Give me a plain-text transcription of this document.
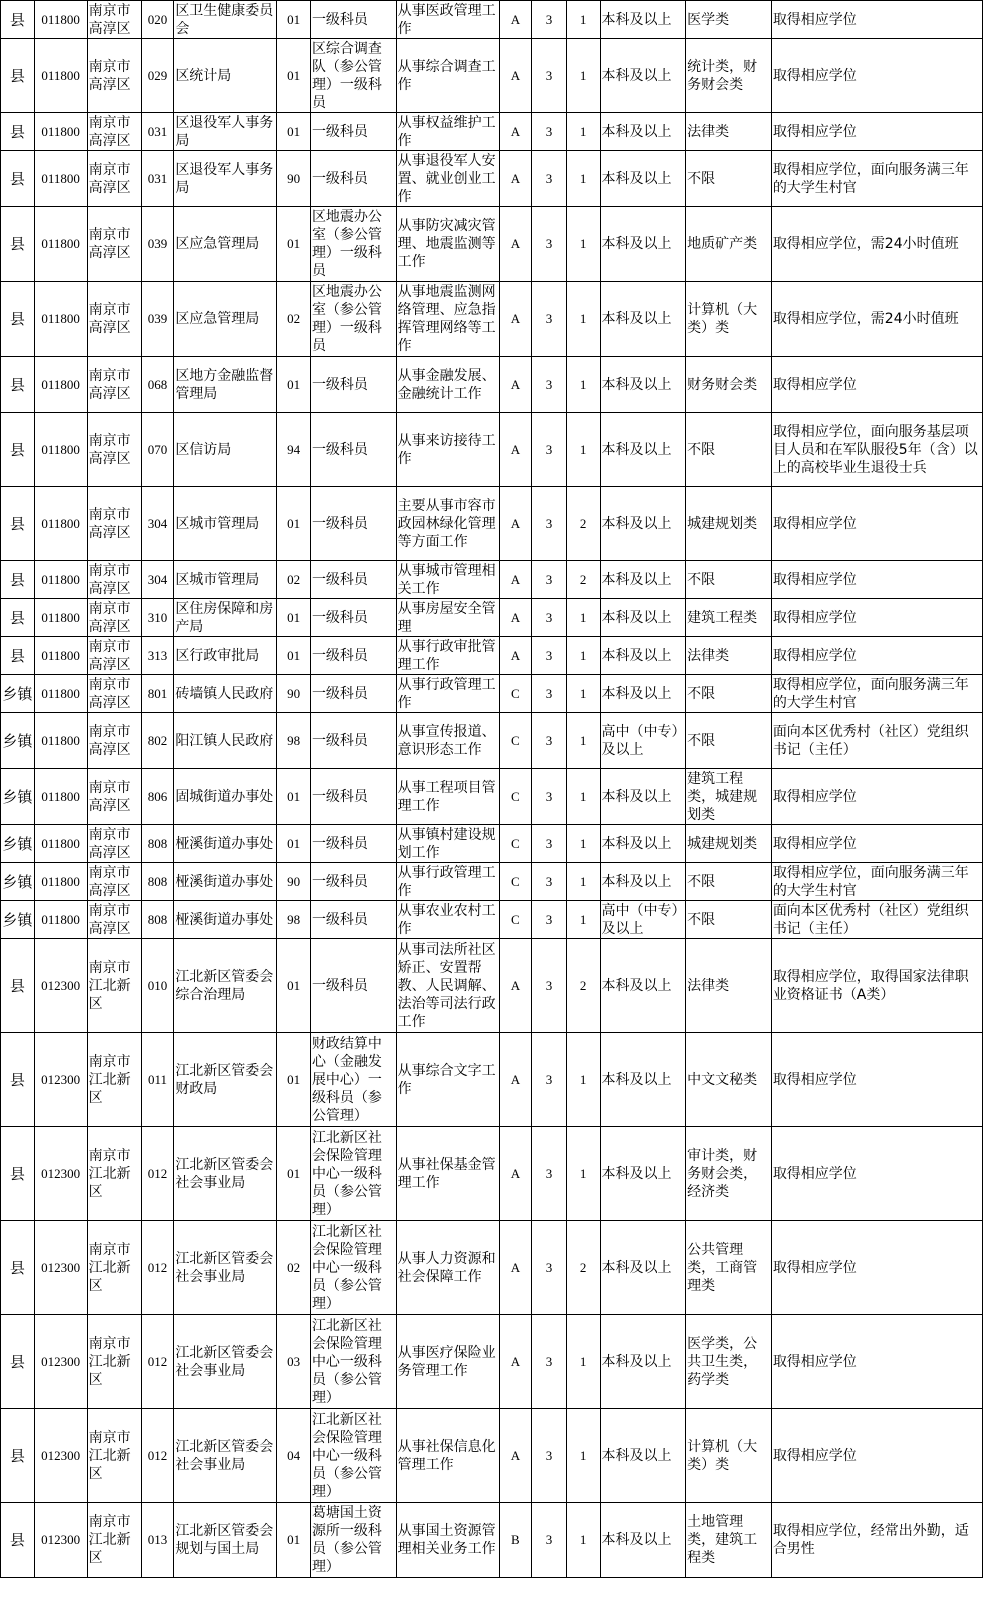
县	011800	南京市高淳区	020	区卫生健康委员会	01	一级科员	从事医政管理工作	A	3	1	本科及以上	医学类	取得相应学位
县	011800	南京市高淳区	029	区统计局	01	区综合调查队（参公管理）一级科员	从事综合调查工作	A	3	1	本科及以上	统计类，财务财会类	取得相应学位
县	011800	南京市高淳区	031	区退役军人事务局	01	一级科员	从事权益维护工作	A	3	1	本科及以上	法律类	取得相应学位
县	011800	南京市高淳区	031	区退役军人事务局	90	一级科员	从事退役军人安置、就业创业工作	A	3	1	本科及以上	不限	取得相应学位，面向服务满三年的大学生村官
县	011800	南京市高淳区	039	区应急管理局	01	区地震办公室（参公管理）一级科员	从事防灾减灾管理、地震监测等工作	A	3	1	本科及以上	地质矿产类	取得相应学位，需24小时值班
县	011800	南京市高淳区	039	区应急管理局	02	区地震办公室（参公管理）一级科员	从事地震监测网络管理、应急指挥管理网络等工作	A	3	1	本科及以上	计算机（大类）类	取得相应学位，需24小时值班
县	011800	南京市高淳区	068	区地方金融监督管理局	01	一级科员	从事金融发展、金融统计工作	A	3	1	本科及以上	财务财会类	取得相应学位
县	011800	南京市高淳区	070	区信访局	94	一级科员	从事来访接待工作	A	3	1	本科及以上	不限	取得相应学位，面向服务基层项目人员和在军队服役5年（含）以上的高校毕业生退役士兵
县	011800	南京市高淳区	304	区城市管理局	01	一级科员	主要从事市容市政园林绿化管理等方面工作	A	3	2	本科及以上	城建规划类	取得相应学位
县	011800	南京市高淳区	304	区城市管理局	02	一级科员	从事城市管理相关工作	A	3	2	本科及以上	不限	取得相应学位
县	011800	南京市高淳区	310	区住房保障和房产局	01	一级科员	从事房屋安全管理	A	3	1	本科及以上	建筑工程类	取得相应学位
县	011800	南京市高淳区	313	区行政审批局	01	一级科员	从事行政审批管理工作	A	3	1	本科及以上	法律类	取得相应学位
乡镇	011800	南京市高淳区	801	砖墙镇人民政府	90	一级科员	从事行政管理工作	C	3	1	本科及以上	不限	取得相应学位，面向服务满三年的大学生村官
乡镇	011800	南京市高淳区	802	阳江镇人民政府	98	一级科员	从事宣传报道、意识形态工作	C	3	1	高中（中专）及以上	不限	面向本区优秀村（社区）党组织书记（主任）
乡镇	011800	南京市高淳区	806	固城街道办事处	01	一级科员	从事工程项目管理工作	C	3	1	本科及以上	建筑工程类，城建规划类	取得相应学位
乡镇	011800	南京市高淳区	808	桠溪街道办事处	01	一级科员	从事镇村建设规划工作	C	3	1	本科及以上	城建规划类	取得相应学位
乡镇	011800	南京市高淳区	808	桠溪街道办事处	90	一级科员	从事行政管理工作	C	3	1	本科及以上	不限	取得相应学位，面向服务满三年的大学生村官
乡镇	011800	南京市高淳区	808	桠溪街道办事处	98	一级科员	从事农业农村工作	C	3	1	高中（中专）及以上	不限	面向本区优秀村（社区）党组织书记（主任）
县	012300	南京市江北新区	010	江北新区管委会综合治理局	01	一级科员	从事司法所社区矫正、安置帮教、人民调解、法治等司法行政工作	A	3	2	本科及以上	法律类	取得相应学位，取得国家法律职业资格证书（A类）
县	012300	南京市江北新区	011	江北新区管委会财政局	01	财政结算中心（金融发展中心）一级科员（参公管理）	从事综合文字工作	A	3	1	本科及以上	中文文秘类	取得相应学位
县	012300	南京市江北新区	012	江北新区管委会社会事业局	01	江北新区社会保险管理中心一级科员（参公管理）	从事社保基金管理工作	A	3	1	本科及以上	审计类，财务财会类，经济类	取得相应学位
县	012300	南京市江北新区	012	江北新区管委会社会事业局	02	江北新区社会保险管理中心一级科员（参公管理）	从事人力资源和社会保障工作	A	3	2	本科及以上	公共管理类，工商管理类	取得相应学位
县	012300	南京市江北新区	012	江北新区管委会社会事业局	03	江北新区社会保险管理中心一级科员（参公管理）	从事医疗保险业务管理工作	A	3	1	本科及以上	医学类，公共卫生类，药学类	取得相应学位
县	012300	南京市江北新区	012	江北新区管委会社会事业局	04	江北新区社会保险管理中心一级科员（参公管理）	从事社保信息化管理工作	A	3	1	本科及以上	计算机（大类）类	取得相应学位
县	012300	南京市江北新区	013	江北新区管委会规划与国土局	01	葛塘国土资源所一级科员（参公管理）	从事国土资源管理相关业务工作	B	3	1	本科及以上	土地管理类，建筑工程类	取得相应学位，经常出外勤，适合男性
